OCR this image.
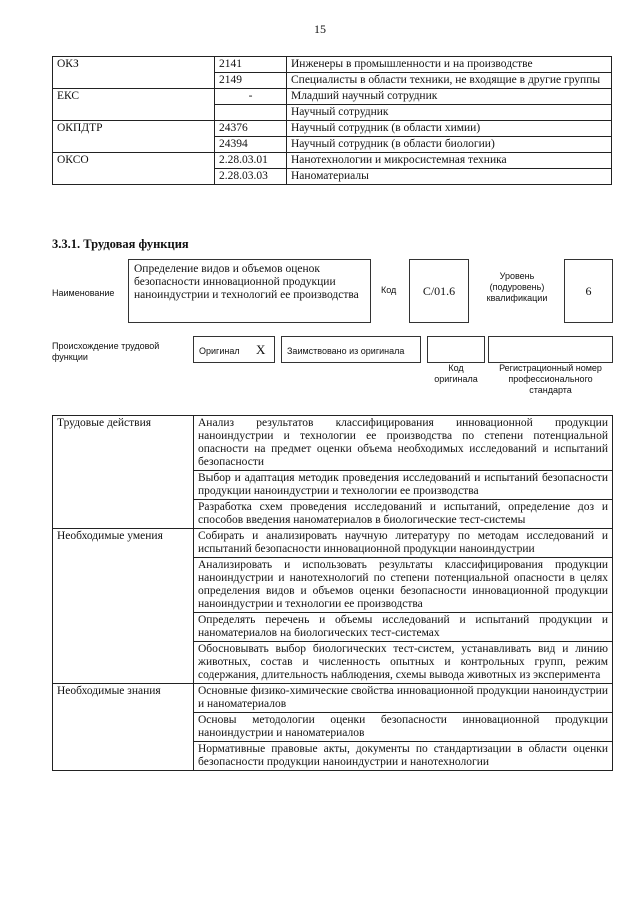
15
ОКЗ	2141	Инженеры в промышленности и на производстве
	2149	Специалисты в области техники, не входящие в другие группы
ЕКС	-	Младший научный сотрудник
		Научный сотрудник
ОКПДТР	24376	Научный сотрудник (в области химии)
	24394	Научный сотрудник (в области биологии)
ОКСО	2.28.03.01	Нанотехнологии и микросистемная техника
	2.28.03.03	Наноматериалы
3.3.1. Трудовая функция
Наименование
Определение видов и объемов оценок безопасности инновационной продукции наноиндустрии и технологий ее производства	Код	C/01.6
Уровень (подуровень) квалификации	6
Происхождение трудовой функции
Оригинал X Заимствовано из оригинала
Код оригинала
Регистрационный номер профессионального стандарта
Трудовые действия	Анализ результатов классифицирования инновационной продукции наноиндустрии и технологии ее производства по степени потенциальной опасности на предмет оценки объема необходимых исследований и испытаний безопасности
	Выбор и адаптация методик проведения исследований и испытаний безопасности продукции наноиндустрии и технологии ее производства
	Разработка схем проведения исследований и испытаний, определение доз и способов введения наноматериалов в биологические тест-системы
Необходимые умения	Собирать и анализировать научную литературу по методам исследований и испытаний безопасности инновационной продукции наноиндустрии
	Анализировать и использовать результаты классифицирования продукции наноиндустрии и нанотехнологий по степени потенциальной опасности в целях определения видов и объемов оценки безопасности инновационной продукции наноиндустрии и технологии ее производства
	Определять перечень и объемы исследований и испытаний продукции и наноматериалов на биологических тест-системах
	Обосновывать выбор биологических тест-систем, устанавливать вид и линию животных, состав и численность опытных и контрольных групп, режим содержания, длительность наблюдения, схемы вывода животных из эксперимента
Необходимые знания	Основные физико-химические свойства инновационной продукции наноиндустрии и наноматериалов
	Основы методологии оценки безопасности инновационной продукции наноиндустрии и наноматериалов
	Нормативные правовые акты, документы по стандартизации в области оценки безопасности продукции наноиндустрии и нанотехнологии
